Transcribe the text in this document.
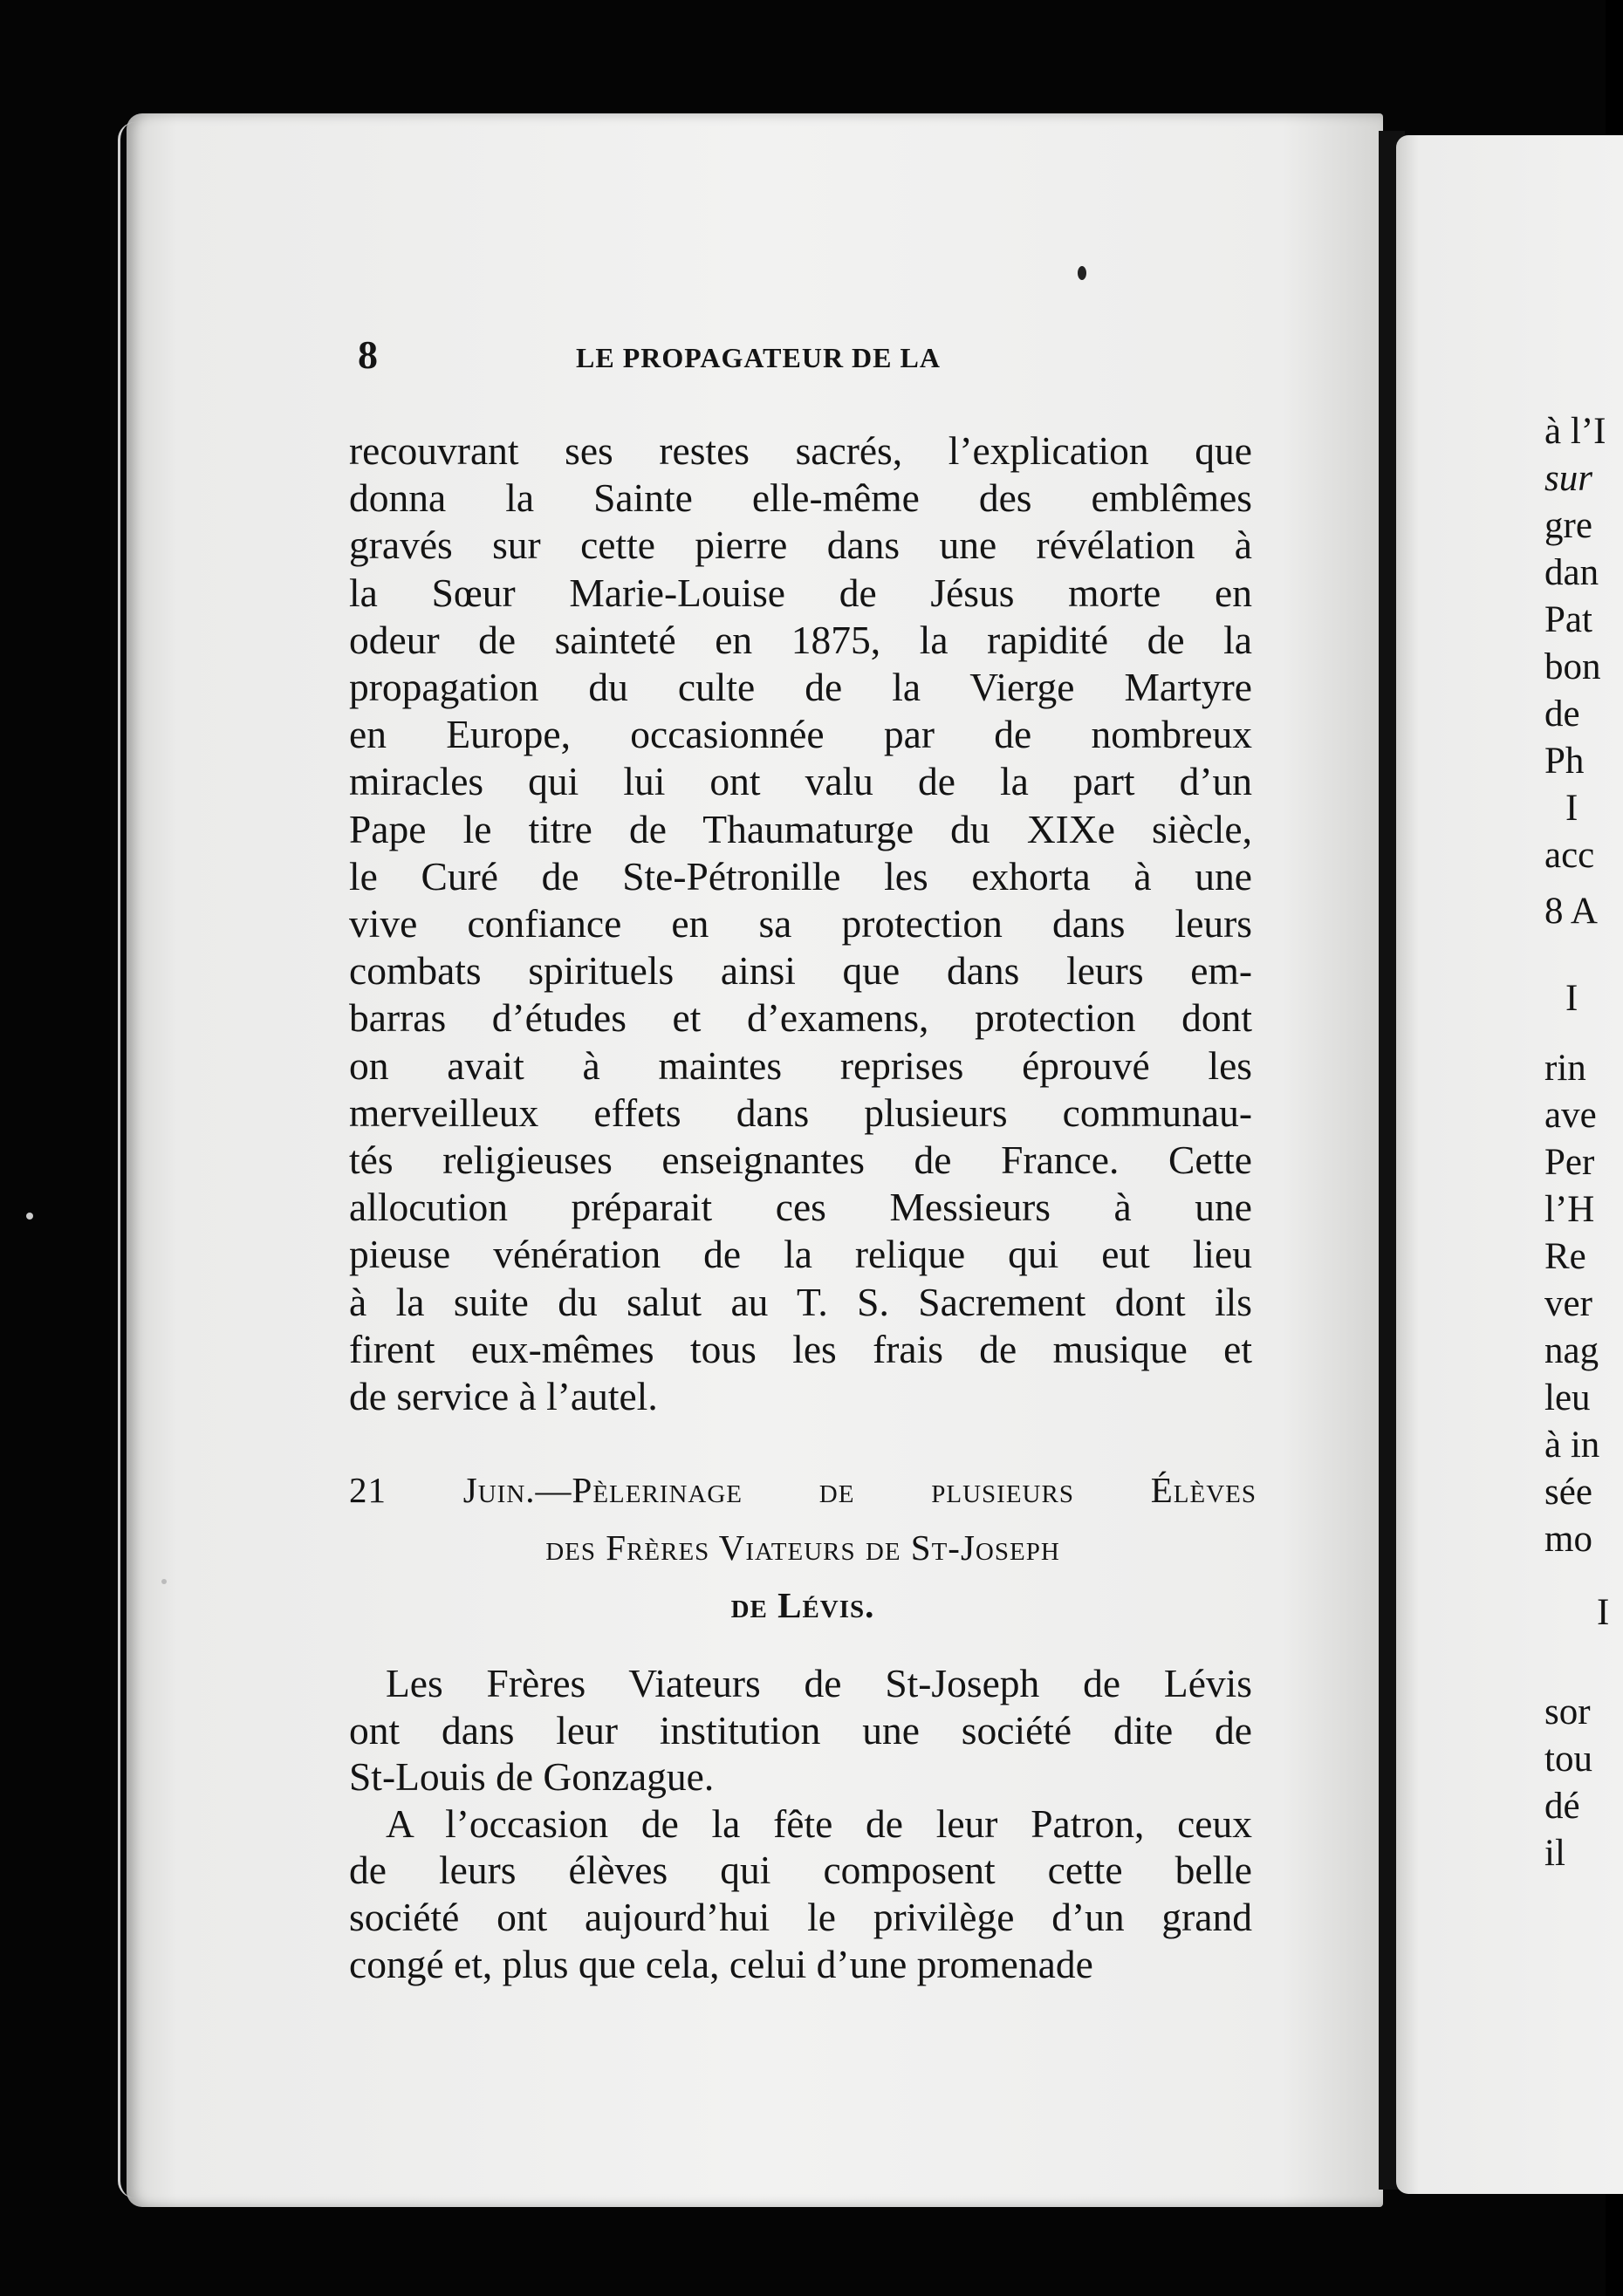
8	LE PROPAGATEUR DE LA
recouvrant ses restes sacrés, l’explication que
donna la Sainte elle-même des emblêmes
gravés sur cette pierre dans une révélation à
la Sœur Marie-Louise de Jésus morte en
odeur de sainteté en 1875, la rapidité de la
propagation du culte de la Vierge Martyre
en Europe, occasionnée par de nombreux
miracles qui lui ont valu de la part d’un
Pape le titre de Thaumaturge du XIXe siècle,
le Curé de Ste-Pétronille les exhorta à une
vive confiance en sa protection dans leurs
combats spirituels ainsi que dans leurs em-
barras d’études et d’examens, protection dont
on avait à maintes reprises éprouvé les
merveilleux effets dans plusieurs communau-
tés religieuses enseignantes de France. Cette
allocution préparait ces Messieurs à une
pieuse vénération de la relique qui eut lieu
à la suite du salut au T. S. Sacrement dont ils
firent eux-mêmes tous les frais de musique et
de service à l’autel.
21 Juin.—Pèlerinage de plusieurs Élèves
des Frères Viateurs de St-Joseph
de Lévis.
Les Frères Viateurs de St-Joseph de Lévis
ont dans leur institution une société dite de
St-Louis de Gonzague.
A l’occasion de la fête de leur Patron, ceux
de leurs élèves qui composent cette belle
société ont aujourd’hui le privilège d’un grand
congé et, plus que cela, celui d’une promenade
à l’I
sur
gre
dan
Pat
bon
de
Ph
I
acc
8 A
I
rin
ave
Per
l’H
Re
ver
nag
leu
à in
sée
mo
I
sor
tou
dé
il
